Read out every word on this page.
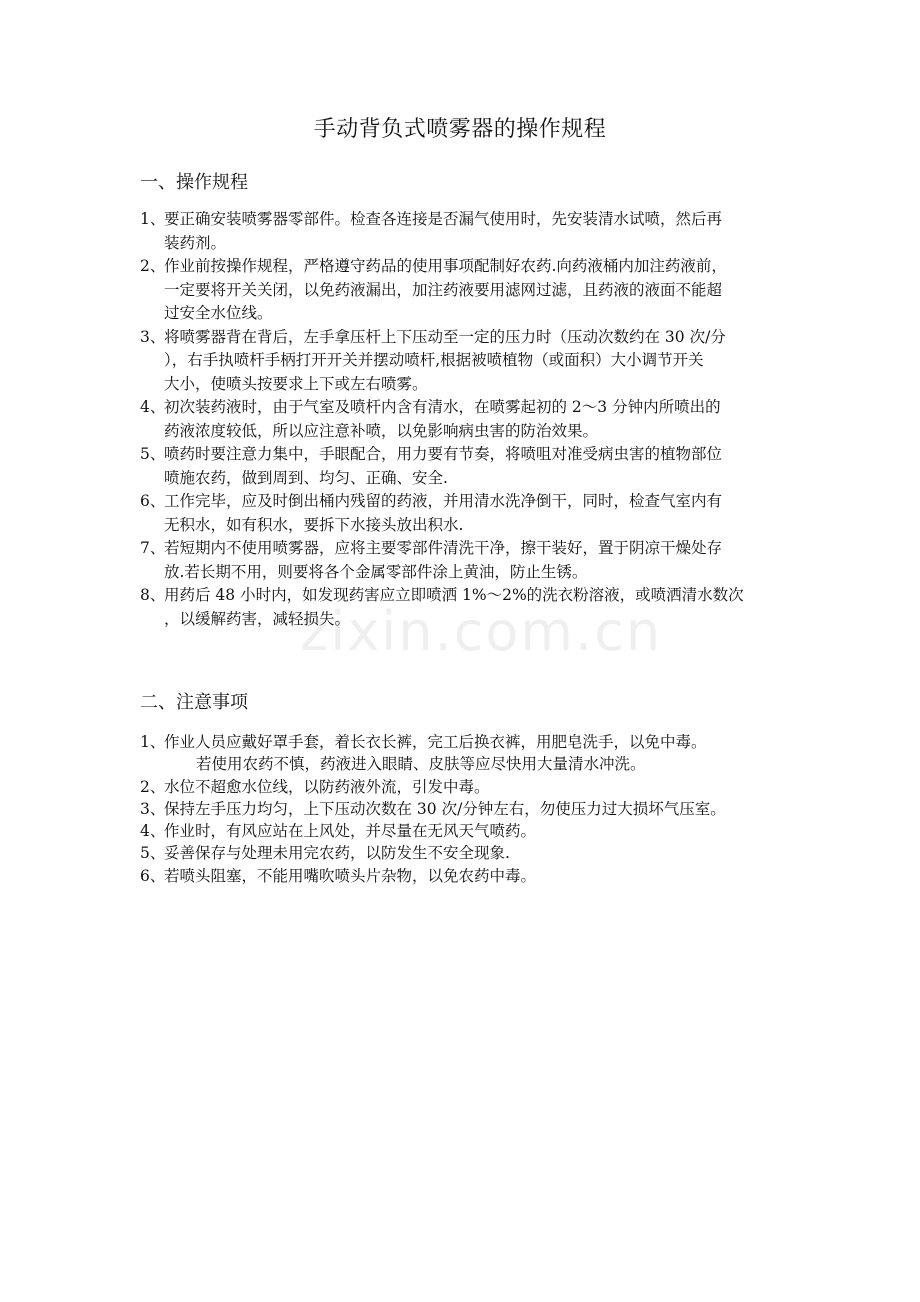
zixin.com.cn
手动背负式喷雾器的操作规程
一、操作规程
1、
要正确安装喷雾器零部件。检查各连接是否漏气使用时，先安装清水试喷，然后再
装药剂。
2、
作业前按操作规程，严格遵守药品的使用事项配制好农药.向药液桶内加注药液前，
一定要将开关关闭，以免药液漏出，加注药液要用滤网过滤，且药液的液面不能超
过安全水位线。
3、
将喷雾器背在背后，左手拿压杆上下压动至一定的压力时（压动次数约在 30 次/分
），右手执喷杆手柄打开开关并摆动喷杆,根据被喷植物（或面积）大小调节开关
大小，使喷头按要求上下或左右喷雾。
4、
初次装药液时，由于气室及喷杆内含有清水，在喷雾起初的 2～3 分钟内所喷出的
药液浓度较低，所以应注意补喷，以免影响病虫害的防治效果。
5、
喷药时要注意力集中，手眼配合，用力要有节奏，将喷咀对准受病虫害的植物部位
喷施农药，做到周到、均匀、正确、安全.
6、
工作完毕，应及时倒出桶内残留的药液，并用清水洗净倒干，同时，检查气室内有
无积水，如有积水，要拆下水接头放出积水.
7、
若短期内不使用喷雾器，应将主要零部件清洗干净，擦干装好，置于阴凉干燥处存
放.若长期不用，则要将各个金属零部件涂上黄油，防止生锈。
8、
用药后 48 小时内，如发现药害应立即喷洒 1%～2%的洗衣粉溶液，或喷洒清水数次
，以缓解药害，减轻损失。
二、注意事项
1、
作业人员应戴好罩手套，着长衣长裤，完工后换衣裤，用肥皂洗手，以免中毒。
若使用农药不慎，药液进入眼睛、皮肤等应尽快用大量清水冲洗。
2、
水位不超愈水位线，以防药液外流，引发中毒。
3、
保持左手压力均匀，上下压动次数在 30 次/分钟左右，勿使压力过大损坏气压室。
4、
作业时，有风应站在上风处，并尽量在无风天气喷药。
5、
妥善保存与处理未用完农药，以防发生不安全现象.
6、
若喷头阻塞，不能用嘴吹喷头片杂物，以免农药中毒。
